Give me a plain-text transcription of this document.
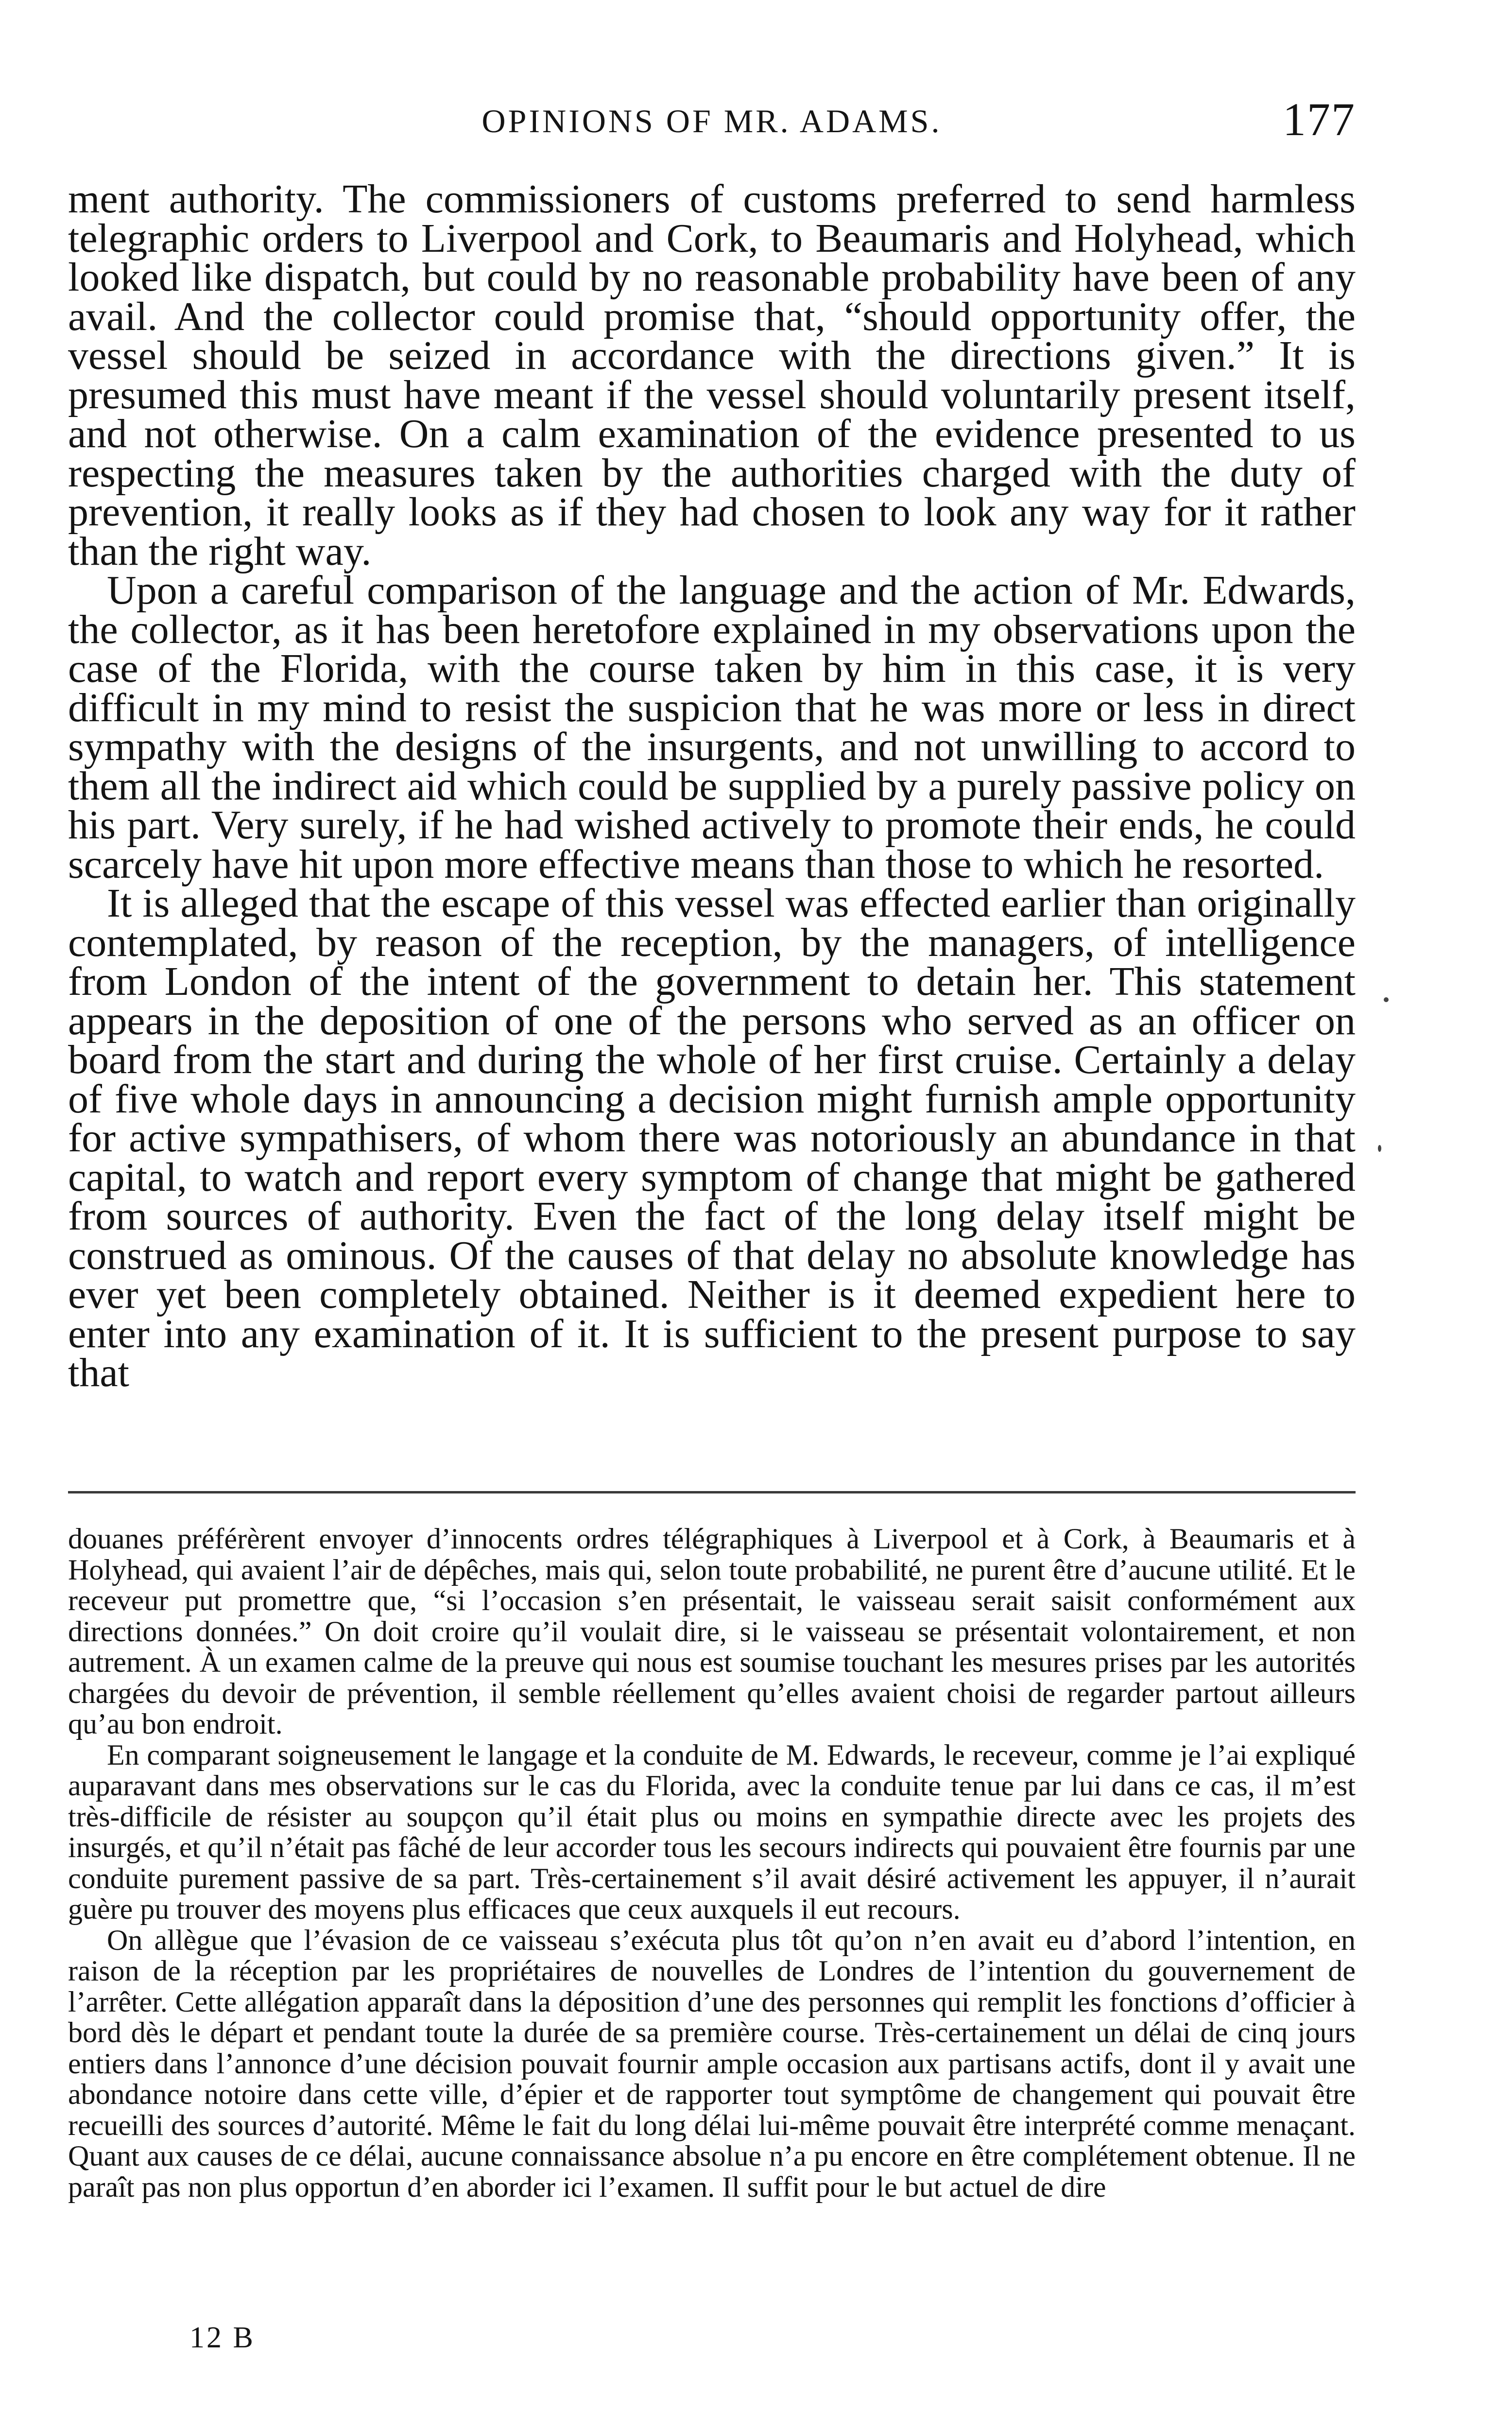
OPINIONS OF MR. ADAMS.	177

ment authority. The commissioners of customs preferred to send harmless telegraphic orders to Liverpool and Cork, to Beaumaris and Holyhead, which looked like dispatch, but could by no reasonable probability have been of any avail. And the collector could promise that, “should opportunity offer, the vessel should be seized in accordance with the directions given.” It is presumed this must have meant if the vessel should voluntarily present itself, and not otherwise. On a calm examination of the evidence presented to us respecting the measures taken by the authorities charged with the duty of prevention, it really looks as if they had chosen to look any way for it rather than the right way.

Upon a careful comparison of the language and the action of Mr. Edwards, the collector, as it has been heretofore explained in my observations upon the case of the Florida, with the course taken by him in this case, it is very difficult in my mind to resist the suspicion that he was more or less in direct sympathy with the designs of the insurgents, and not unwilling to accord to them all the indirect aid which could be supplied by a purely passive policy on his part. Very surely, if he had wished actively to promote their ends, he could scarcely have hit upon more effective means than those to which he resorted.

It is alleged that the escape of this vessel was effected earlier than originally contemplated, by reason of the reception, by the managers, of intelligence from London of the intent of the government to detain her. This statement appears in the deposition of one of the persons who served as an officer on board from the start and during the whole of her first cruise. Certainly a delay of five whole days in announcing a decision might furnish ample opportunity for active sympathisers, of whom there was notoriously an abundance in that capital, to watch and report every symptom of change that might be gathered from sources of authority. Even the fact of the long delay itself might be construed as ominous. Of the causes of that delay no absolute knowledge has ever yet been completely obtained. Neither is it deemed expedient here to enter into any examination of it. It is sufficient to the present purpose to say that

douanes préférèrent envoyer d’innocents ordres télégraphiques à Liverpool et à Cork, à Beaumaris et à Holyhead, qui avaient l’air de dépêches, mais qui, selon toute probabilité, ne purent être d’aucune utilité. Et le receveur put promettre que, “si l’occasion s’en présentait, le vaisseau serait saisit conformément aux directions données.” On doit croire qu’il voulait dire, si le vaisseau se présentait volontairement, et non autrement. À un examen calme de la preuve qui nous est soumise touchant les mesures prises par les autorités chargées du devoir de prévention, il semble réellement qu’elles avaient choisi de regarder partout ailleurs qu’au bon endroit.

En comparant soigneusement le langage et la conduite de M. Edwards, le receveur, comme je l’ai expliqué auparavant dans mes observations sur le cas du Florida, avec la conduite tenue par lui dans ce cas, il m’est très-difficile de résister au soupçon qu’il était plus ou moins en sympathie directe avec les projets des insurgés, et qu’il n’était pas fâché de leur accorder tous les secours indirects qui pouvaient être fournis par une conduite purement passive de sa part. Très-certainement s’il avait désiré activement les appuyer, il n’aurait guère pu trouver des moyens plus efficaces que ceux auxquels il eut recours.

On allègue que l’évasion de ce vaisseau s’exécuta plus tôt qu’on n’en avait eu d’abord l’intention, en raison de la réception par les propriétaires de nouvelles de Londres de l’intention du gouvernement de l’arrêter. Cette allégation apparaît dans la déposition d’une des personnes qui remplit les fonctions d’officier à bord dès le départ et pendant toute la durée de sa première course. Très-certainement un délai de cinq jours entiers dans l’annonce d’une décision pouvait fournir ample occasion aux partisans actifs, dont il y avait une abondance notoire dans cette ville, d’épier et de rapporter tout symptôme de changement qui pouvait être recueilli des sources d’autorité. Même le fait du long délai lui-même pouvait être interprété comme menaçant. Quant aux causes de ce délai, aucune connaissance absolue n’a pu encore en être complétement obtenue. Il ne paraît pas non plus opportun d’en aborder ici l’examen. Il suffit pour le but actuel de dire

12 B
